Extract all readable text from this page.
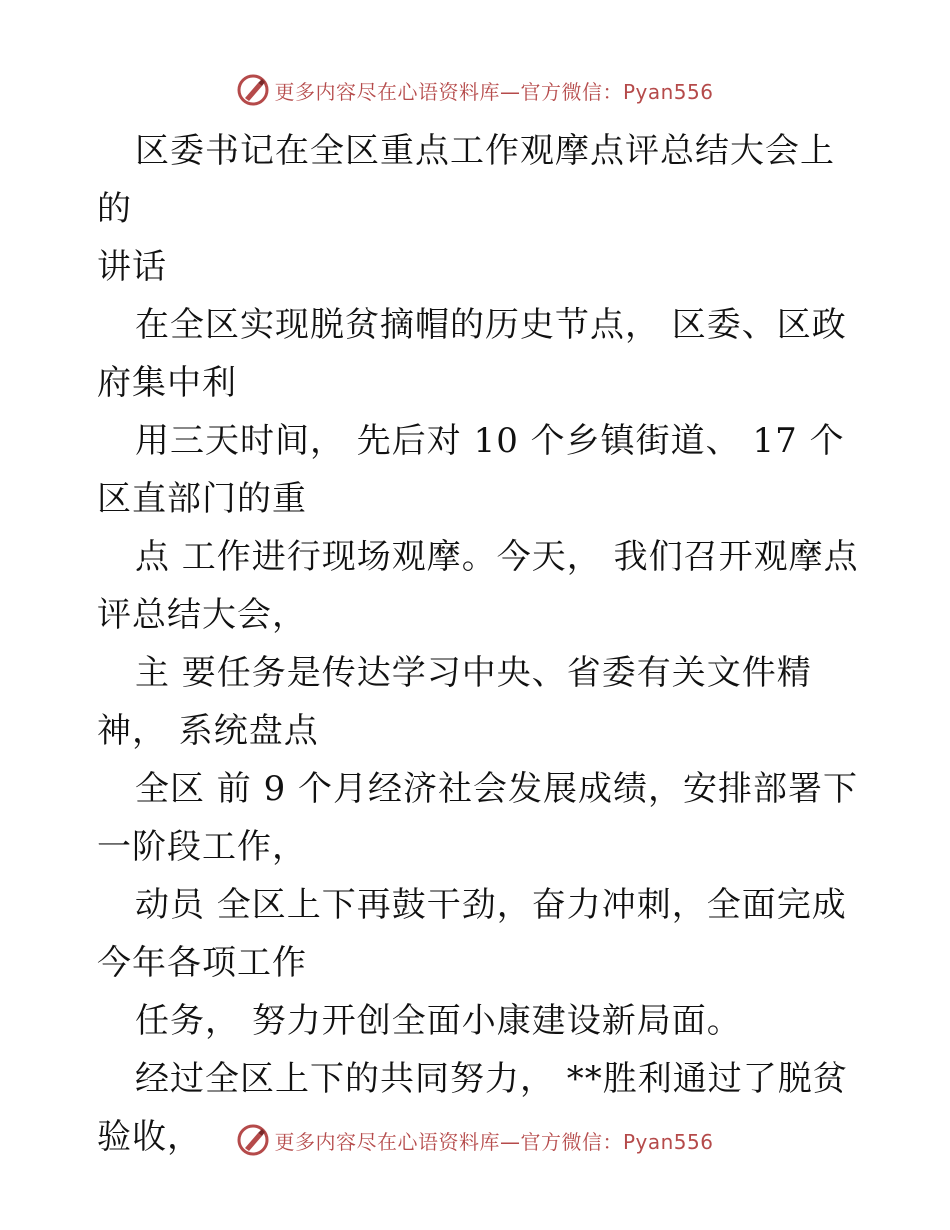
更多内容尽在心语资料库—官方微信：Pyan556

区委书记在全区重点工作观摩点评总结大会上的
讲话

在全区实现脱贫摘帽的历史节点， 区委、区政
府集中利

用三天时间， 先后对 10 个乡镇街道、 17 个
区直部门的重

点 工作进行现场观摩。今天， 我们召开观摩点
评总结大会，

主 要任务是传达学习中央、省委有关文件精
神， 系统盘点

全区 前 9 个月经济社会发展成绩，安排部署下
一阶段工作，

动员 全区上下再鼓干劲，奋力冲刺，全面完成
今年各项工作

任务， 努力开创全面小康建设新局面。

经过全区上下的共同努力， **胜利通过了脱贫
验收，	更多内容尽在心语资料库—官方微信：Pyan556
